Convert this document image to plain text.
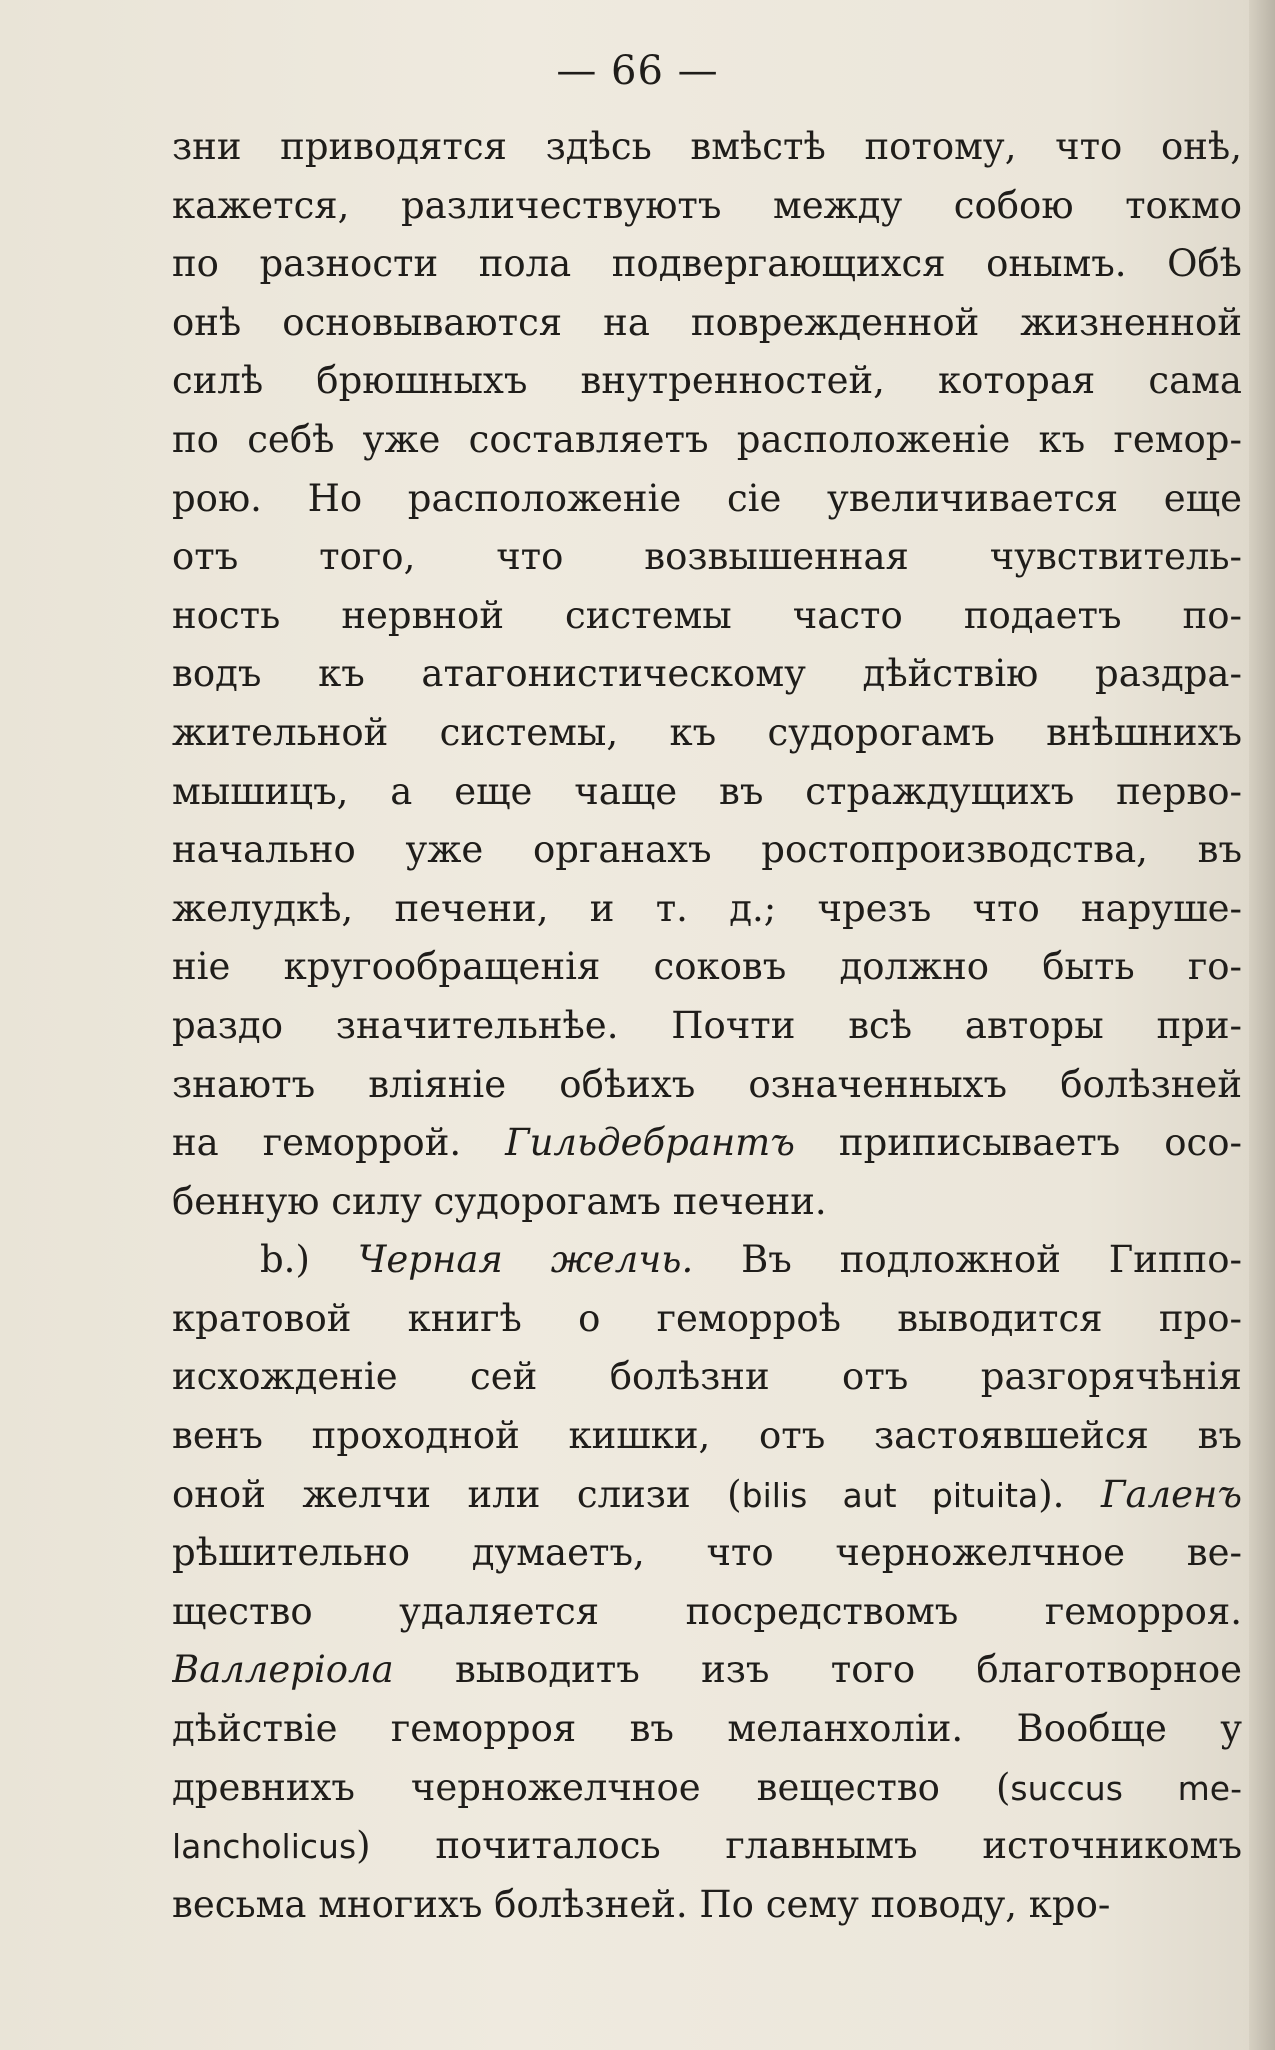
— 66 —
зни приводятся здѣсь вмѣстѣ потому, что онѣ,
кажется, различествуютъ между собою токмо
по разности пола подвергающихся онымъ. Обѣ
онѣ основываются на поврежденной жизненной
силѣ брюшныхъ внутренностей, которая сама
по себѣ уже составляетъ расположеніе къ гемор-
рою. Но расположеніе сіе увеличивается еще
отъ того, что возвышенная чувствитель-
ность нервной системы часто подаетъ по-
водъ къ атагонистическому дѣйствію раздра-
жительной системы, къ судорогамъ внѣшнихъ
мышицъ, а еще чаще въ страждущихъ перво-
начально уже органахъ ростопроизводства, въ
желудкѣ, печени, и т. д.; чрезъ что наруше-
ніе кругообращенія соковъ должно быть го-
раздо значительнѣе. Почти всѣ авторы при-
знаютъ вліяніе обѣихъ означенныхъ болѣзней
на геморрой. Гильдебрантъ приписываетъ осо-
бенную силу судорогамъ печени.
b.) Черная желчь. Въ подложной Гиппо-
кратовой книгѣ о геморроѣ выводится про-
исхожденіе сей болѣзни отъ разгорячѣнія
венъ проходной кишки, отъ застоявшейся въ
оной желчи или слизи (bilis aut pituita). Галенъ
рѣшительно думаетъ, что черножелчное ве-
щество удаляется посредствомъ геморроя.
Валлеріола выводитъ изъ того благотворное
дѣйствіе геморроя въ меланхоліи. Вообще у
древнихъ черножелчное вещество (succus me-
lancholicus) почиталось главнымъ источникомъ
весьма многихъ болѣзней. По сему поводу, кро-
